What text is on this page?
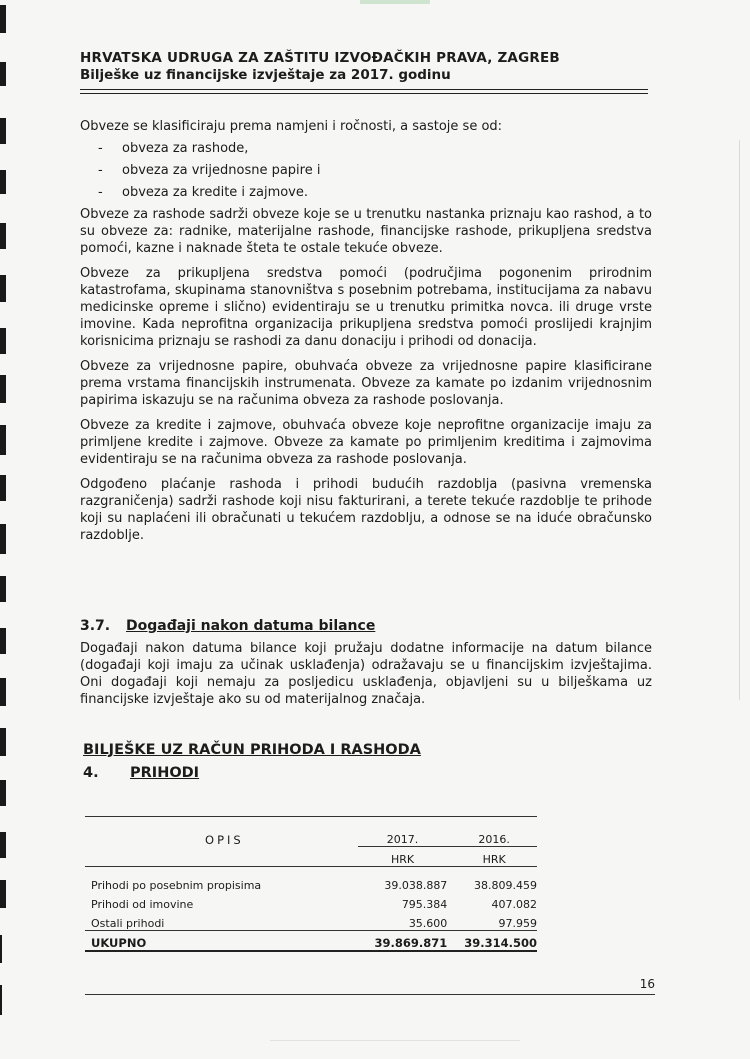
HRVATSKA UDRUGA ZA ZAŠTITU IZVOĐAČKIH PRAVA, ZAGREB
Bilješke uz financijske izvještaje za 2017. godinu

Obveze se klasificiraju prema namjeni i ročnosti, a sastoje se od:

- obveza za rashode,
- obveza za vrijednosne papire i
- obveza za kredite i zajmove.

Obveze za rashode sadrži obveze koje se u trenutku nastanka priznaju kao rashod, a to su obveze za: radnike, materijalne rashode, financijske rashode, prikupljena sredstva pomoći, kazne i naknade šteta te ostale tekuće obveze.

Obveze za prikupljena sredstva pomoći (područjima pogonenim prirodnim katastrofama, skupinama stanovništva s posebnim potrebama, institucijama za nabavu medicinske opreme i slično) evidentiraju se u trenutku primitka novca. ili druge vrste imovine. Kada neprofitna organizacija prikupljena sredstva pomoći proslijedi krajnjim korisnicima priznaju se rashodi za danu donaciju i prihodi od donacija.

Obveze za vrijednosne papire, obuhvaća obveze za vrijednosne papire klasificirane prema vrstama financijskih instrumenata. Obveze za kamate po izdanim vrijednosnim papirima iskazuju se na računima obveza za rashode poslovanja.

Obveze za kredite i zajmove, obuhvaća obveze koje neprofitne organizacije imaju za primljene kredite i zajmove. Obveze za kamate po primljenim kreditima i zajmovima evidentiraju se na računima obveza za rashode poslovanja.

Odgođeno plaćanje rashoda i prihodi budućih razdoblja (pasivna vremenska razgraničenja) sadrži rashode koji nisu fakturirani, a terete tekuće razdoblje te prihode koji su naplaćeni ili obračunati u tekućem razdoblju, a odnose se na iduće obračunsko razdoblje.

3.7. Događaji nakon datuma bilance

Događaji nakon datuma bilance koji pružaju dodatne informacije na datum bilance (događaji koji imaju za učinak usklađenja) odražavaju se u financijskim izvještajima. Oni događaji koji nemaju za posljedicu usklađenja, objavljeni su u bilješkama uz financijske izvještaje ako su od materijalnog značaja.

BILJEŠKE UZ RAČUN PRIHODA I RASHODA
4. PRIHODI

OPIS	2017.	2016.
	HRK	HRK

Prihodi po posebnim propisima	39.038.887	38.809.459
Prihodi od imovine	795.384	407.082
Ostali prihodi	35.600	97.959
UKUPNO	39.869.871	39.314.500
16
